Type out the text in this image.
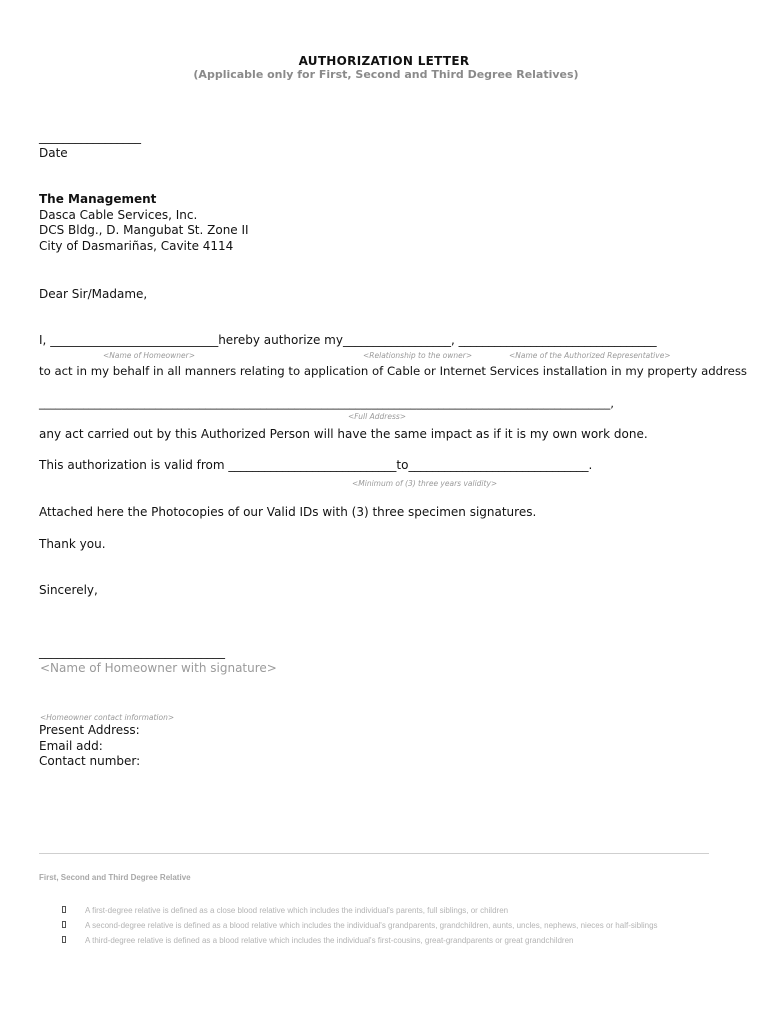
AUTHORIZATION LETTER
(Applicable only for First, Second and Third Degree Relatives)
_________________
Date
The Management
Dasca Cable Services, Inc.
DCS Bldg., D. Mangubat St. Zone II
City of Dasmariñas, Cavite 4114
Dear Sir/Madame,
I, ____________________________hereby authorize my__________________, _________________________________
<Name of Homeowner>	<Relationship to the owner>	<Name of the Authorized Representative>
to act in my behalf in all manners relating to application of Cable or Internet Services installation in my property address
_______________________________________________________________________________________________________,
<Full Address>
any act carried out by this Authorized Person will have the same impact as if it is my own work done.
This authorization is valid from ____________________________to______________________________.
<Minimum of (3) three years validity>
Attached here the Photocopies of our Valid IDs with (3) three specimen signatures.
Thank you.
Sincerely,
_______________________________
<Name of Homeowner with signature>
<Homeowner contact information>
Present Address:
Email add:
Contact number:
First, Second and Third Degree Relative
A first-degree relative is defined as a close blood relative which includes the individual's parents, full siblings, or children
A second-degree relative is defined as a blood relative which includes the individual's grandparents, grandchildren, aunts, uncles, nephews, nieces or half-siblings
A third-degree relative is defined as a blood relative which includes the individual's first-cousins, great-grandparents or great grandchildren
